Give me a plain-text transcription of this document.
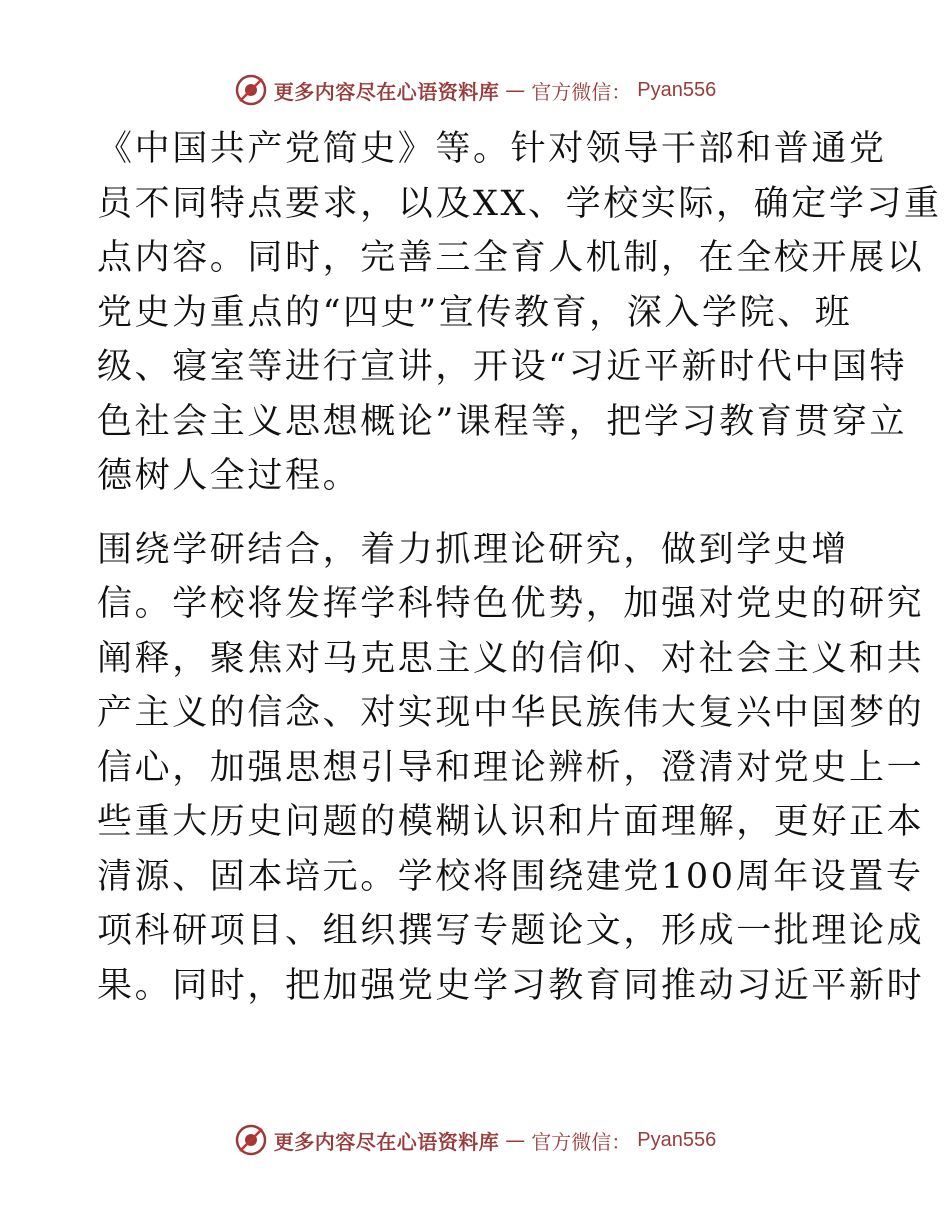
更多内容尽在心语资料库 — 官方微信： Pyan556
《中国共产党简史》等。针对领导干部和普通党
员不同特点要求，以及XX、学校实际，确定学习重
点内容。同时，完善三全育人机制，在全校开展以
党史为重点的“四史”宣传教育，深入学院、班
级、寝室等进行宣讲，开设“习近平新时代中国特
色社会主义思想概论”课程等，把学习教育贯穿立
德树人全过程。
围绕学研结合，着力抓理论研究，做到学史增
信。学校将发挥学科特色优势，加强对党史的研究
阐释，聚焦对马克思主义的信仰、对社会主义和共
产主义的信念、对实现中华民族伟大复兴中国梦的
信心，加强思想引导和理论辨析，澄清对党史上一
些重大历史问题的模糊认识和片面理解，更好正本
清源、固本培元。学校将围绕建党100周年设置专
项科研项目、组织撰写专题论文，形成一批理论成
果。同时，把加强党史学习教育同推动习近平新时
更多内容尽在心语资料库 — 官方微信： Pyan556
